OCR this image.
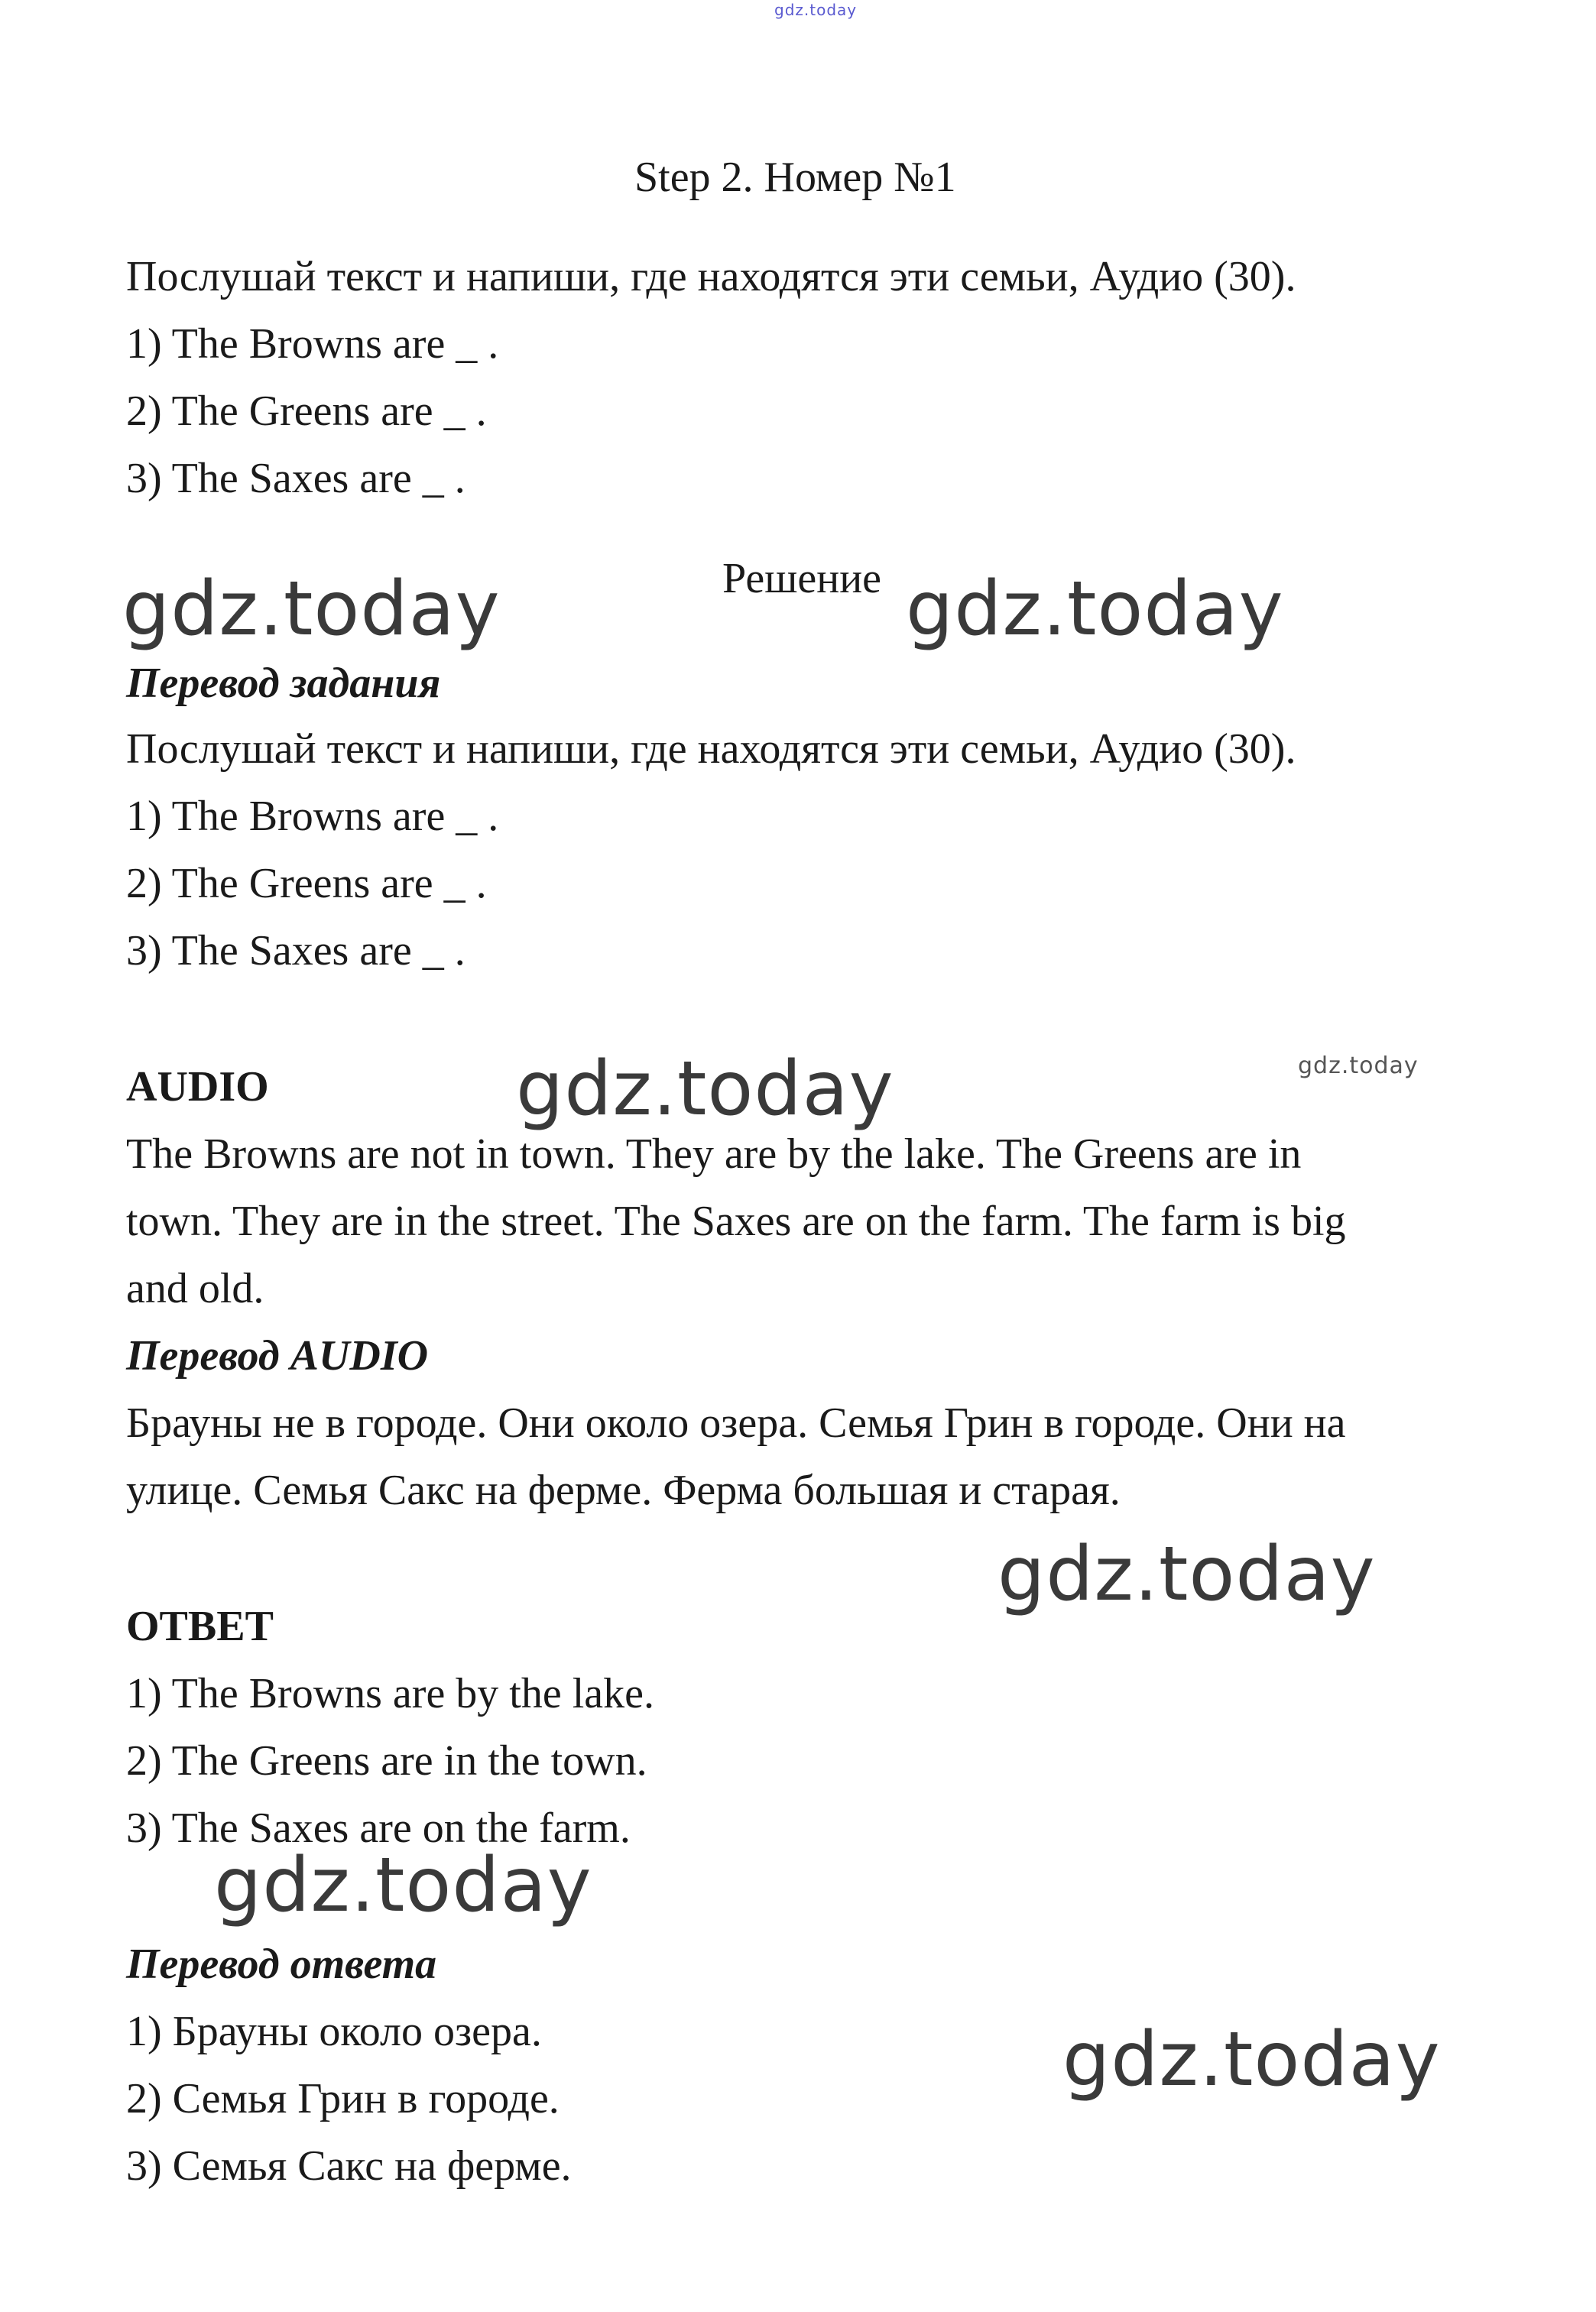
gdz.today
Step 2. Номер №1
Послушай текст и напиши, где находятся эти семьи, Аудио (30).
1) The Browns are _ .
2) The Greens are _ .
3) The Saxes are _ .
gdz.today	Решение gdz.today
Перевод задания
Послушай текст и напиши, где находятся эти семьи, Аудио (30).
1) The Browns are _ .
2) The Greens are _ .
3) The Saxes are _ .
AUDIO	gdz.today	gdz.today
The Browns are not in town. They are by the lake. The Greens are in
town. They are in the street. The Saxes are on the farm. The farm is big
and old.
Перевод AUDIO
Брауны не в городе. Они около озера. Семья Грин в городе. Они на
улице. Семья Сакс на ферме. Ферма большая и старая.
gdz.today
ОТВЕТ
1) The Browns are by the lake.
2) The Greens are in the town.
3) The Saxes are on the farm.
gdz.today
Перевод ответа
1) Брауны около озера.
2) Семья Грин в городе.
3) Семья Сакс на ферме.
gdz.today
